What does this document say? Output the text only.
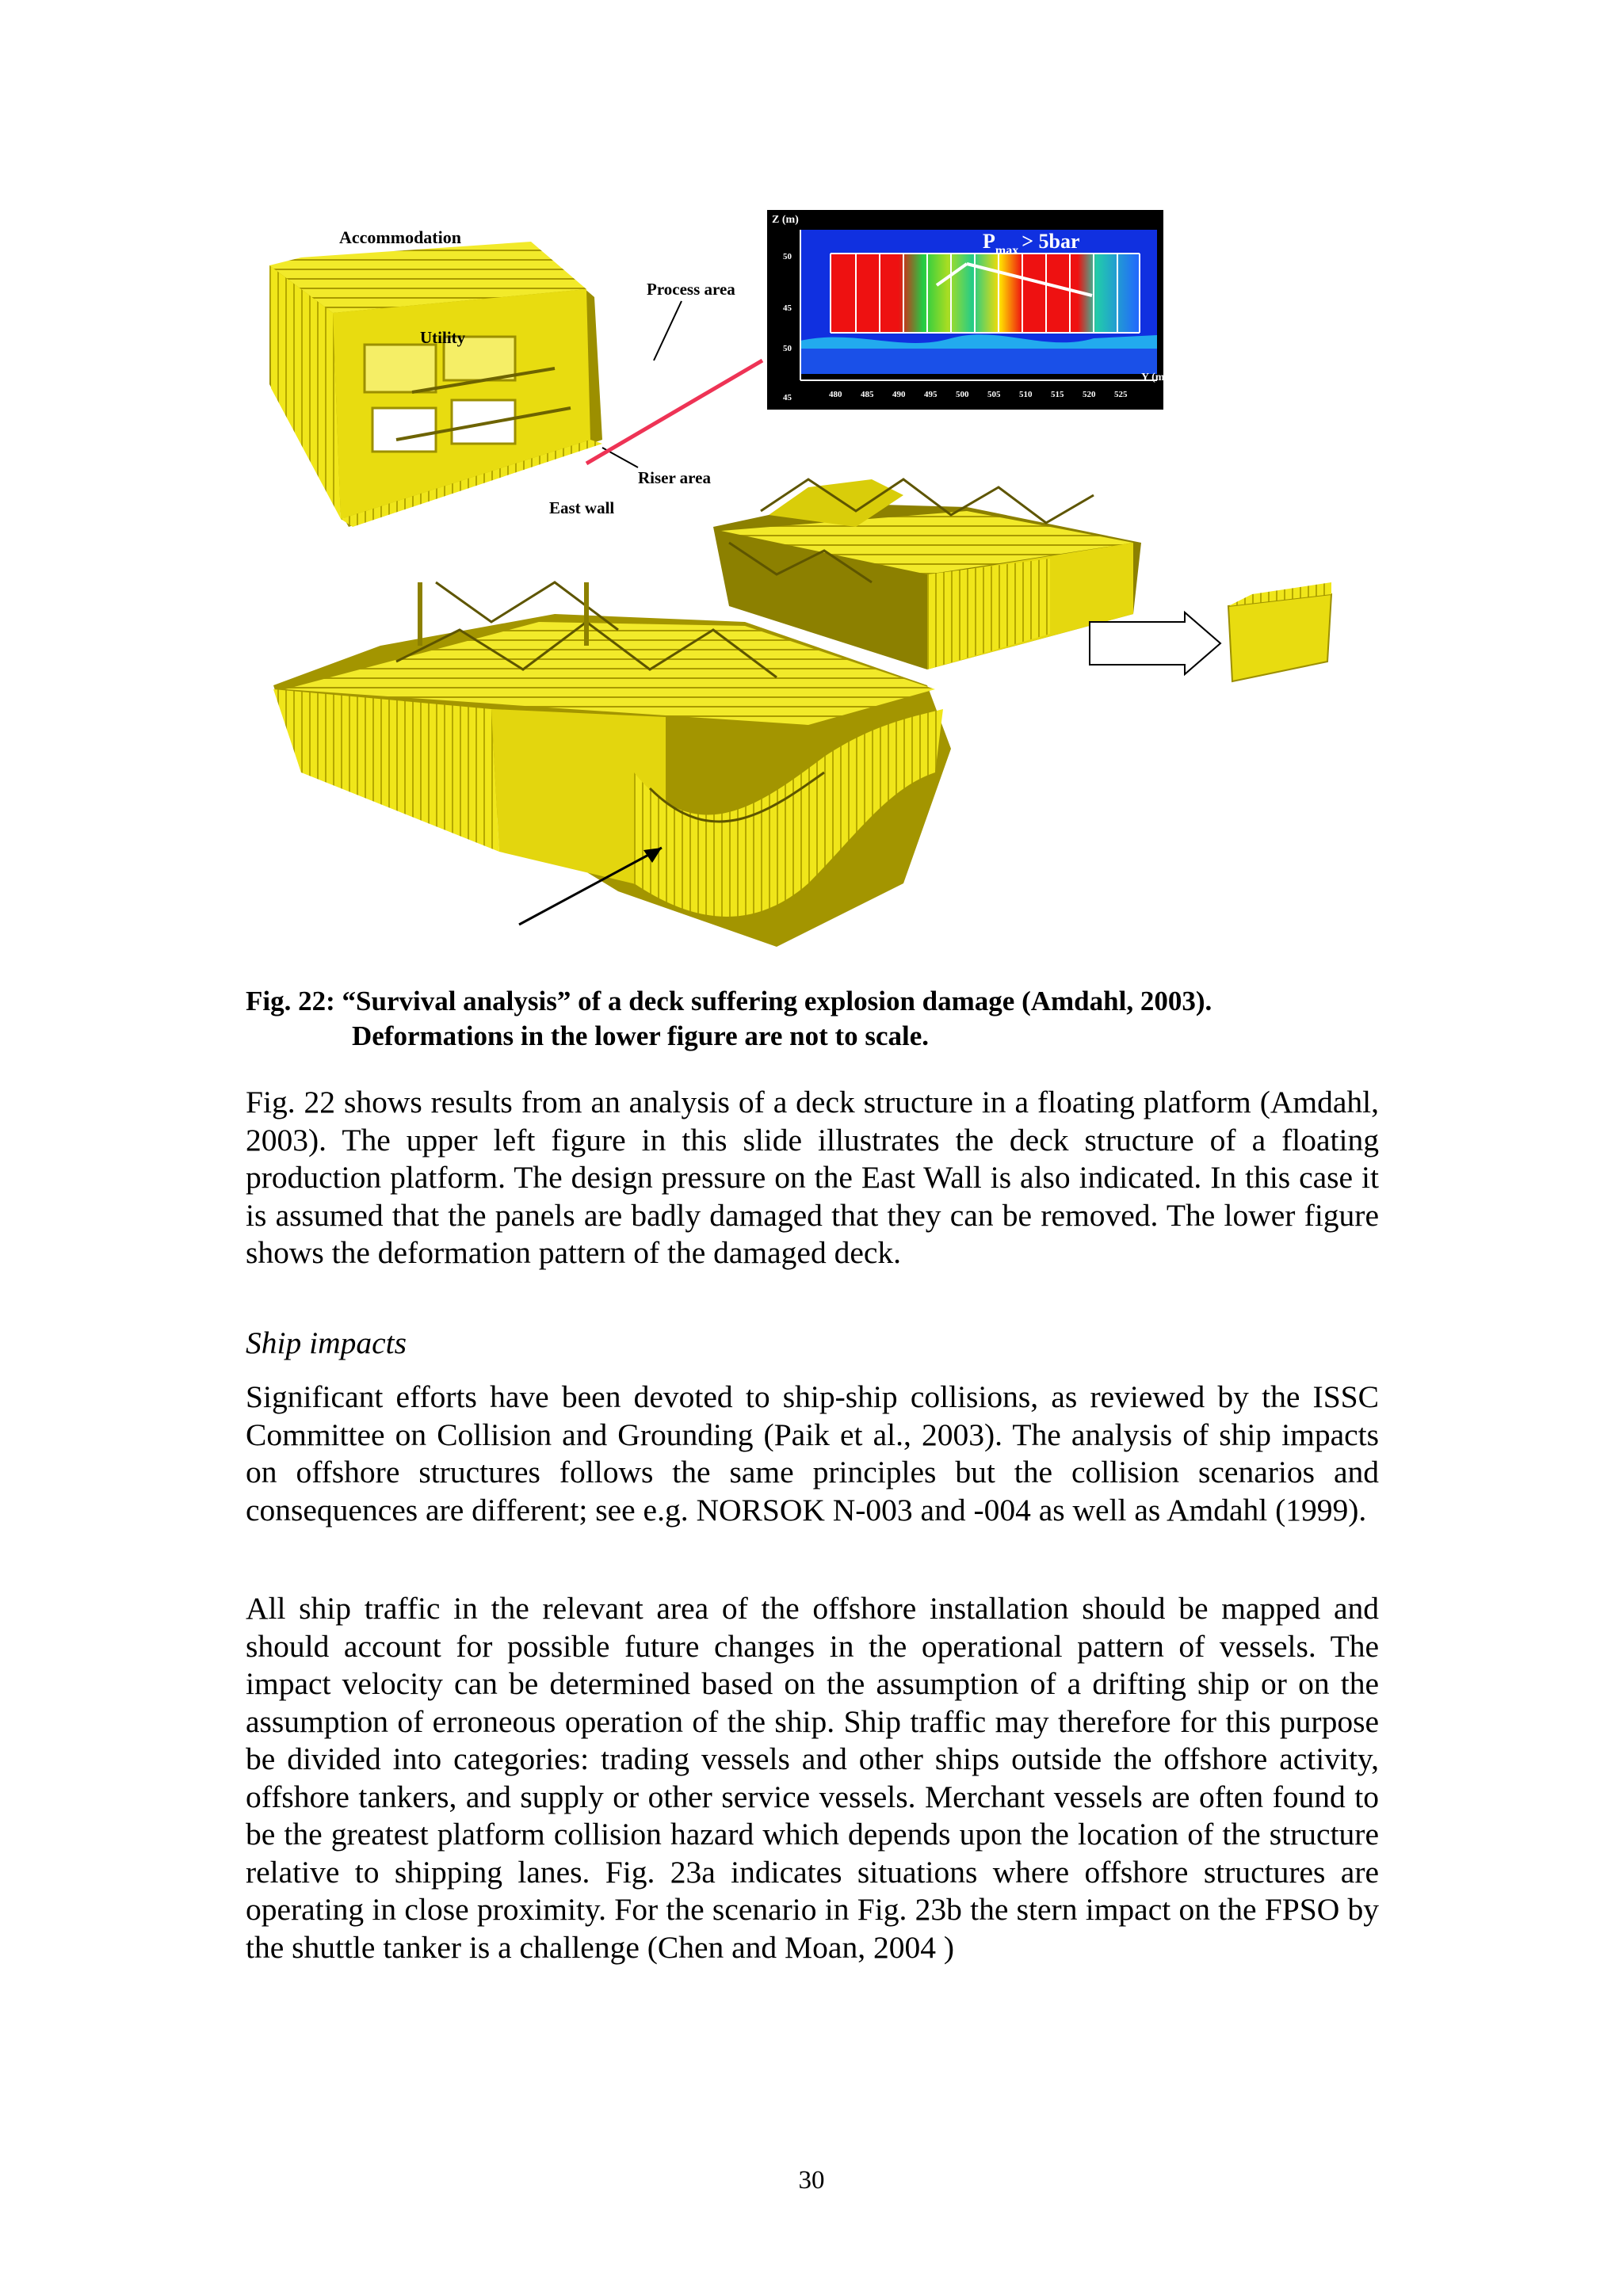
Accommodation
Process area
Utility
Riser area
East wall
Z (m)
Y (m)
50
45
50
45	480 485 490 495 500 505 510 515 520 525
$P_{max} > 5bar$
Fig. 22: “Survival analysis” of a deck suffering explosion damage (Amdahl, 2003).
Deformations in the lower figure are not to scale.

Fig. 22 shows results from an analysis of a deck structure in a floating platform (Amdahl, 2003). The upper left figure in this slide illustrates the deck structure of a floating production platform. The design pressure on the East Wall is also indicated. In this case it is assumed that the panels are badly damaged that they can be removed. The lower figure shows the deformation pattern of the damaged deck.

Ship impacts

Significant efforts have been devoted to ship-ship collisions, as reviewed by the ISSC Committee on Collision and Grounding (Paik et al., 2003). The analysis of ship impacts on offshore structures follows the same principles but the collision scenarios and consequences are different; see e.g. NORSOK N-003 and -004 as well as Amdahl (1999).

All ship traffic in the relevant area of the offshore installation should be mapped and should account for possible future changes in the operational pattern of vessels. The impact velocity can be determined based on the assumption of a drifting ship or on the assumption of erroneous operation of the ship. Ship traffic may therefore for this purpose be divided into categories: trading vessels and other ships outside the offshore activity, offshore tankers, and supply or other service vessels. Merchant vessels are often found to be the greatest platform collision hazard which depends upon the location of the structure relative to shipping lanes. Fig. 23a indicates situations where offshore structures are operating in close proximity. For the scenario in Fig. 23b the stern impact on the FPSO by the shuttle tanker is a challenge (Chen and Moan, 2004 )

30
